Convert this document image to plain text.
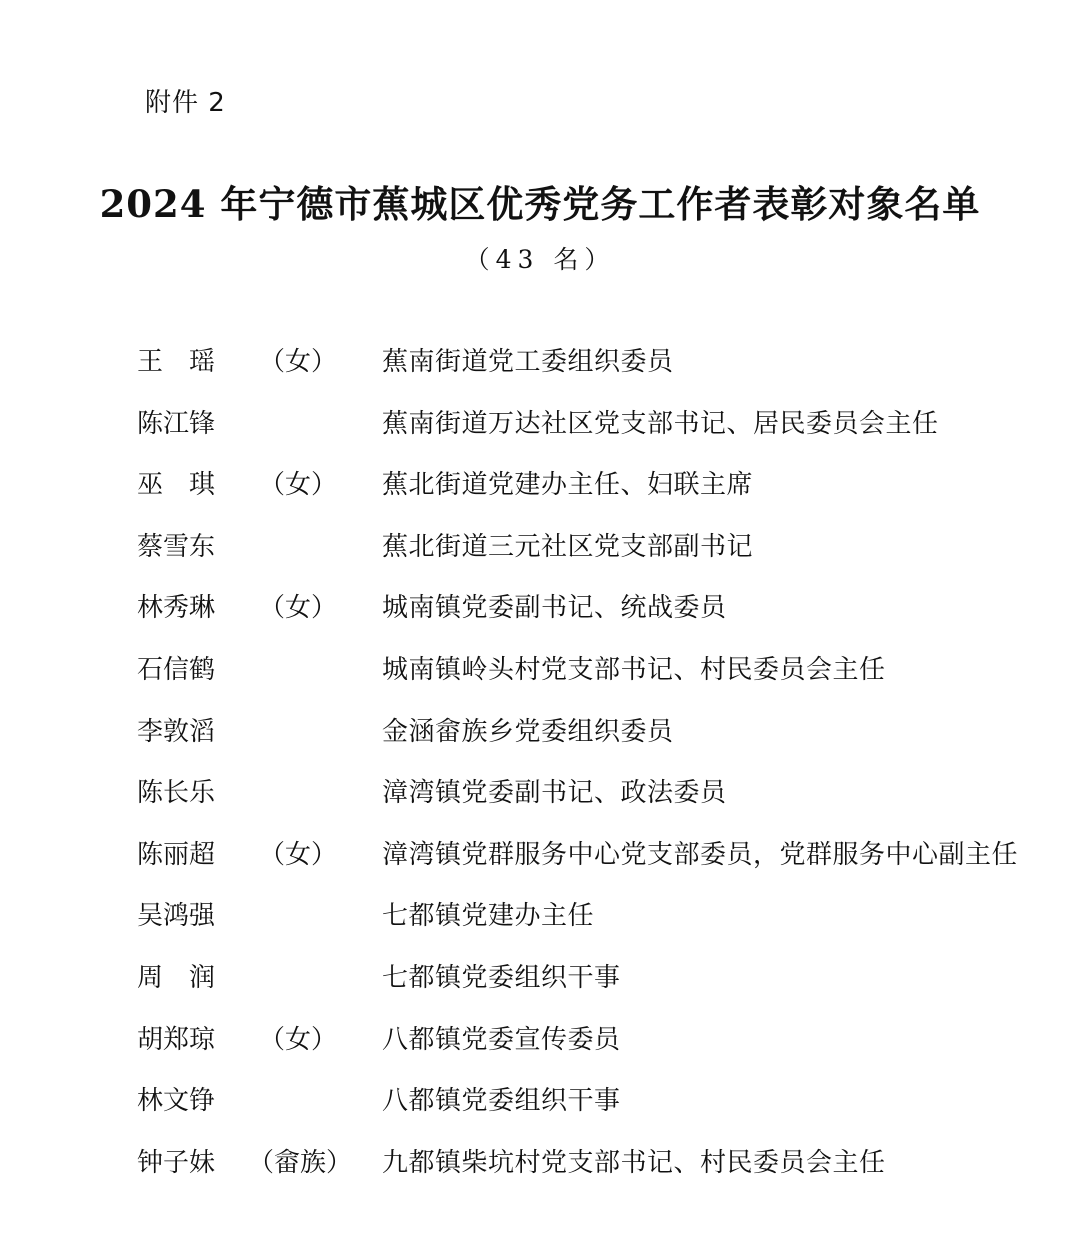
附件 2
2024 年宁德市蕉城区优秀党务工作者表彰对象名单
（43 名）
王　瑶	（女）	蕉南街道党工委组织委员
陈江锋	蕉南街道万达社区党支部书记、居民委员会主任
巫　琪	（女）	蕉北街道党建办主任、妇联主席
蔡雪东	蕉北街道三元社区党支部副书记
林秀琳	（女）	城南镇党委副书记、统战委员
石信鹤	城南镇岭头村党支部书记、村民委员会主任
李敦滔	金涵畲族乡党委组织委员
陈长乐	漳湾镇党委副书记、政法委员
陈丽超	（女）	漳湾镇党群服务中心党支部委员，党群服务中心副主任
吴鸿强	七都镇党建办主任
周　润	七都镇党委组织干事
胡郑琼	（女）	八都镇党委宣传委员
林文铮	八都镇党委组织干事
钟子妹 （畲族） 九都镇柴坑村党支部书记、村民委员会主任
